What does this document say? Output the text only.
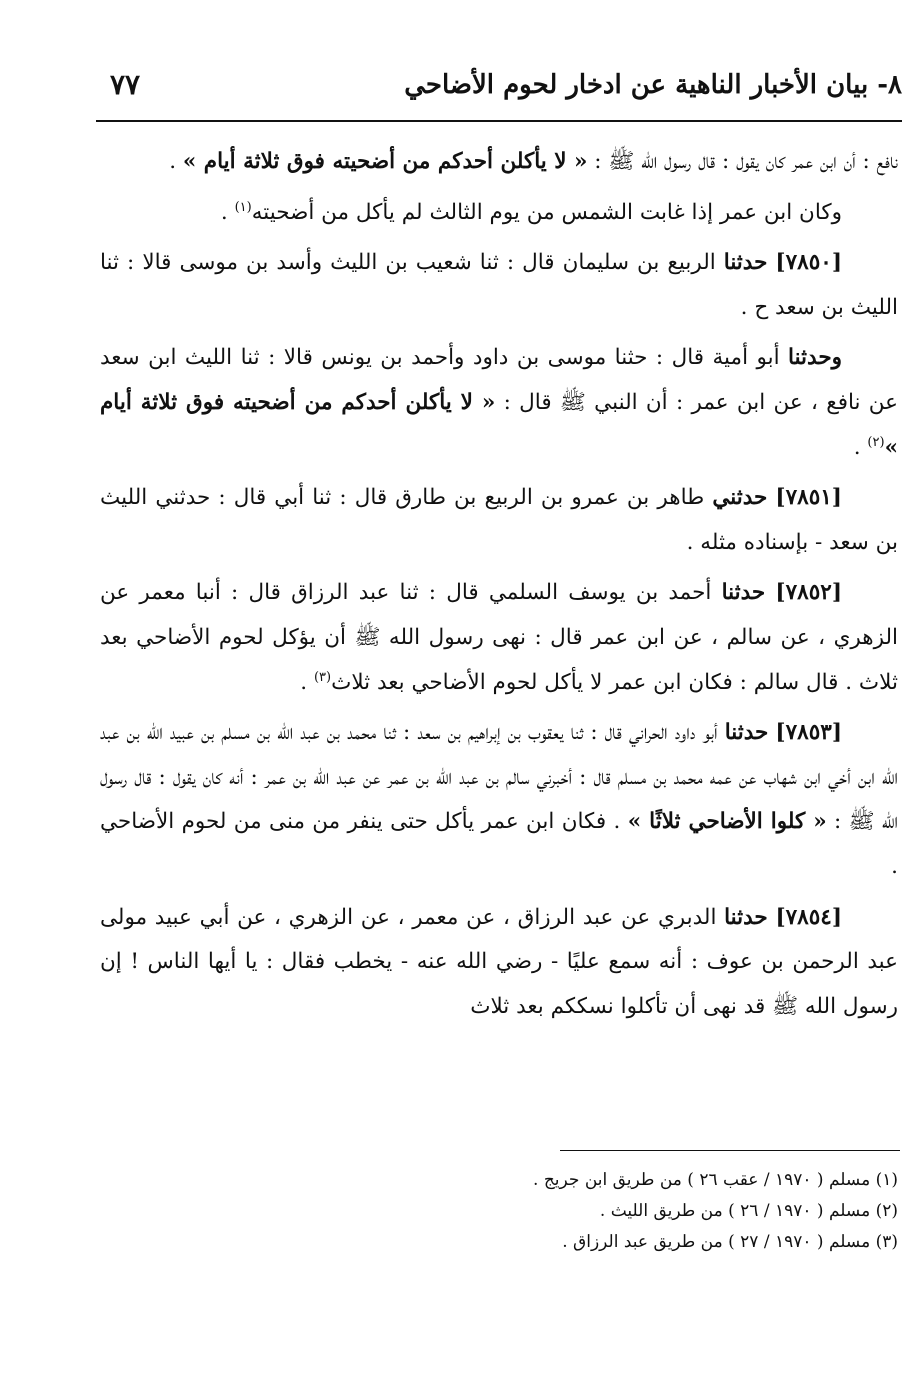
٨- بيان الأخبار الناهية عن ادخار لحوم الأضاحي
٧٧

نافع : أن ابن عمر كان يقول : قال رسول الله ﷺ : « لا يأكلن أحدكم من أضحيته فوق ثلاثة أيام » .

وكان ابن عمر إذا غابت الشمس من يوم الثالث لم يأكل من أضحيته$^{(١)}$ .

[٧٨٥٠] حدثنا الربيع بن سليمان قال : ثنا شعيب بن الليث وأسد بن موسى قالا : ثنا الليث بن سعد ح .

وحدثنا أبو أمية قال : حثنا موسى بن داود وأحمد بن يونس قالا : ثنا الليث ابن سعد عن نافع ، عن ابن عمر : أن النبي ﷺ قال : « لا يأكلن أحدكم من أضحيته فوق ثلاثة أيام »$^{(٢)}$ .

[٧٨٥١] حدثني طاهر بن عمرو بن الربيع بن طارق قال : ثنا أبي قال : حدثني الليث بن سعد - بإسناده مثله .

[٧٨٥٢] حدثنا أحمد بن يوسف السلمي قال : ثنا عبد الرزاق قال : أنبا معمر عن الزهري ، عن سالم ، عن ابن عمر قال : نهى رسول الله ﷺ أن يؤكل لحوم الأضاحي بعد ثلاث . قال سالم : فكان ابن عمر لا يأكل لحوم الأضاحي بعد ثلاث$^{(٣)}$ .

[٧٨٥٣] حدثنا أبو داود الحراني قال : ثنا يعقوب بن إبراهيم بن سعد : ثنا محمد بن عبد الله بن مسلم بن عبيد الله بن عبد الله ابن أخي ابن شهاب عن عمه محمد بن مسلم قال : أخبرني سالم بن عبد الله بن عمر عن عبد الله بن عمر : أنه كان يقول : قال رسول الله ﷺ : « كلوا الأضاحي ثلاثًا » . فكان ابن عمر يأكل حتى ينفر من منى من لحوم الأضاحي .

[٧٨٥٤] حدثنا الدبري عن عبد الرزاق ، عن معمر ، عن الزهري ، عن أبي عبيد مولى عبد الرحمن بن عوف : أنه سمع عليًا - رضي الله عنه - يخطب فقال : يا أيها الناس ! إن رسول الله ﷺ قد نهى أن تأكلوا نسككم بعد ثلاث

(١) مسلم ( ١٩٧٠ / عقب ٢٦ ) من طريق ابن جريج .
(٢) مسلم ( ١٩٧٠ / ٢٦ ) من طريق الليث .
(٣) مسلم ( ١٩٧٠ / ٢٧ ) من طريق عبد الرزاق .
